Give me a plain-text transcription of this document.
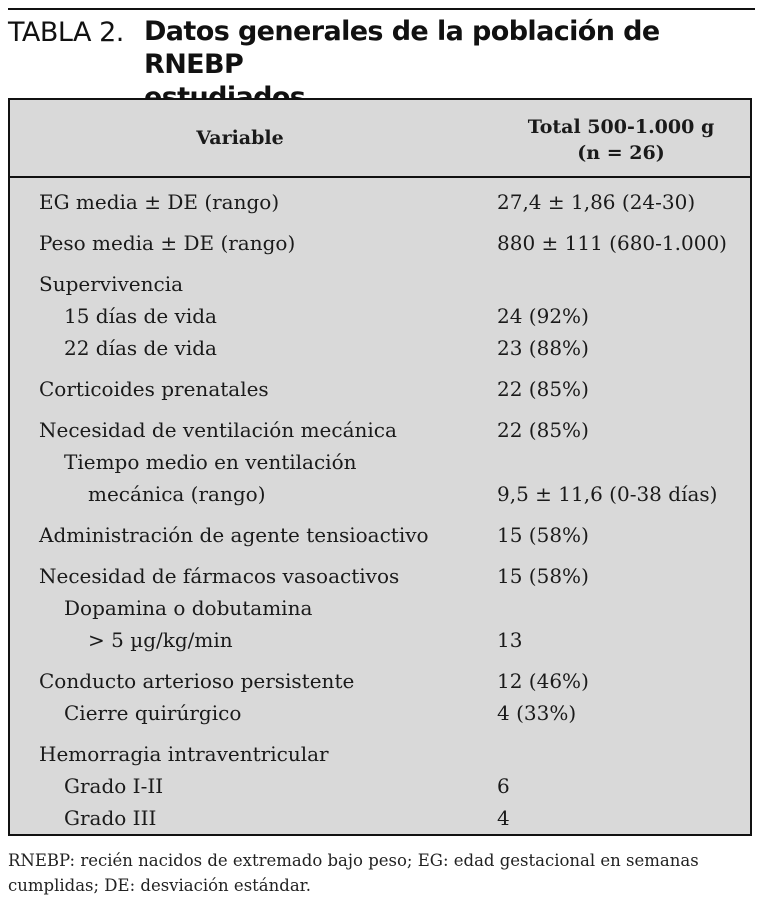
TABLA 2. Datos generales de la población de RNEBP
Variable	Total 500-1.000 g
(n = 26)
EG media ± DE (rango)	27,4 ± 1,86 (24-30)
Peso media ± DE (rango)	880 ± 111 (680-1.000)
Supervivencia
15 días de vida	24 (92%)
22 días de vida	23 (88%)
Corticoides prenatales	22 (85%)
Necesidad de ventilación mecánica	22 (85%)
Tiempo medio en ventilación
mecánica (rango)	9,5 ± 11,6 (0-38 días)
Administración de agente tensioactivo	15 (58%)
Necesidad de fármacos vasoactivos	15 (58%)
Dopamina o dobutamina
> 5 µg/kg/min	13
Conducto arterioso persistente	12 (46%)
Cierre quirúrgico	4 (33%)
Hemorragia intraventricular
Grado I-II	6
Grado III	4
RNEBP: recién nacidos de extremado bajo peso; EG: edad gestacional en semanas cumplidas; DE: desviación estándar.
